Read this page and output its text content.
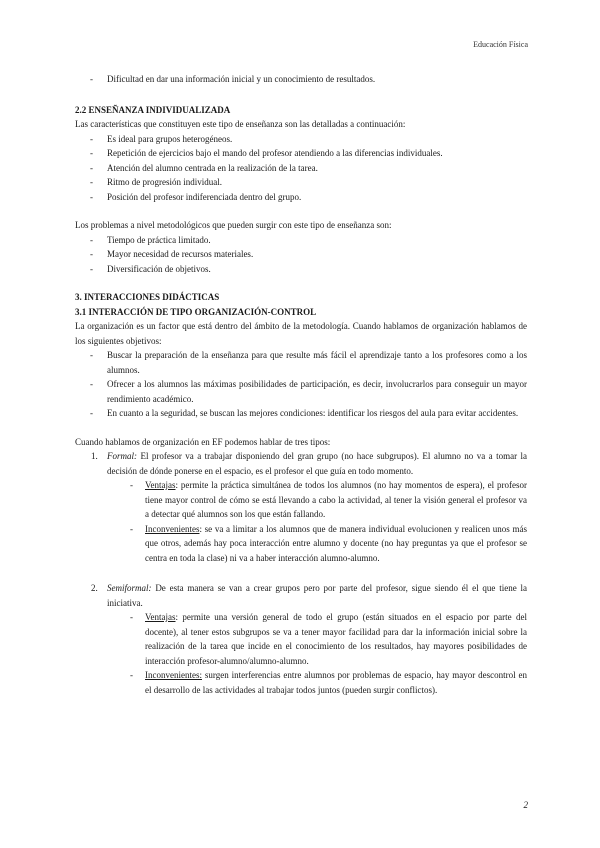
Educación Física
- Dificultad en dar una información inicial y un conocimiento de resultados.

2.2 ENSEÑANZA INDIVIDUALIZADA

Las características que constituyen este tipo de enseñanza son las detalladas a continuación:

- Es ideal para grupos heterogéneos.
- Repetición de ejercicios bajo el mando del profesor atendiendo a las diferencias individuales.
- Atención del alumno centrada en la realización de la tarea.
- Ritmo de progresión individual.
- Posición del profesor indiferenciada dentro del grupo.

Los problemas a nivel metodológicos que pueden surgir con este tipo de enseñanza son:

- Tiempo de práctica limitado.
- Mayor necesidad de recursos materiales.
- Diversificación de objetivos.

3. INTERACCIONES DIDÁCTICAS

3.1 INTERACCIÓN DE TIPO ORGANIZACIÓN-CONTROL

La organización es un factor que está dentro del ámbito de la metodología. Cuando hablamos de organización hablamos de los siguientes objetivos:

- Buscar la preparación de la enseñanza para que resulte más fácil el aprendizaje tanto a los profesores como a los alumnos.
- Ofrecer a los alumnos las máximas posibilidades de participación, es decir, involucrarlos para conseguir un mayor rendimiento académico.
- En cuanto a la seguridad, se buscan las mejores condiciones: identificar los riesgos del aula para evitar accidentes.

Cuando hablamos de organización en EF podemos hablar de tres tipos:

1. Formal: El profesor va a trabajar disponiendo del gran grupo (no hace subgrupos). El alumno no va a tomar la decisión de dónde ponerse en el espacio, es el profesor el que guía en todo momento.
- Ventajas: permite la práctica simultánea de todos los alumnos (no hay momentos de espera), el profesor tiene mayor control de cómo se está llevando a cabo la actividad, al tener la visión general el profesor va a detectar qué alumnos son los que están fallando.
- Inconvenientes: se va a limitar a los alumnos que de manera individual evolucionen y realicen unos más que otros, además hay poca interacción entre alumno y docente (no hay preguntas ya que el profesor se centra en toda la clase) ni va a haber interacción alumno-alumno.
2. Semiformal: De esta manera se van a crear grupos pero por parte del profesor, sigue siendo él el que tiene la iniciativa.
- Ventajas: permite una versión general de todo el grupo (están situados en el espacio por parte del docente), al tener estos subgrupos se va a tener mayor facilidad para dar la información inicial sobre la realización de la tarea que incide en el conocimiento de los resultados, hay mayores posibilidades de interacción profesor-alumno/alumno-alumno.
- Inconvenientes: surgen interferencias entre alumnos por problemas de espacio, hay mayor descontrol en el desarrollo de las actividades al trabajar todos juntos (pueden surgir conflictos).
2
